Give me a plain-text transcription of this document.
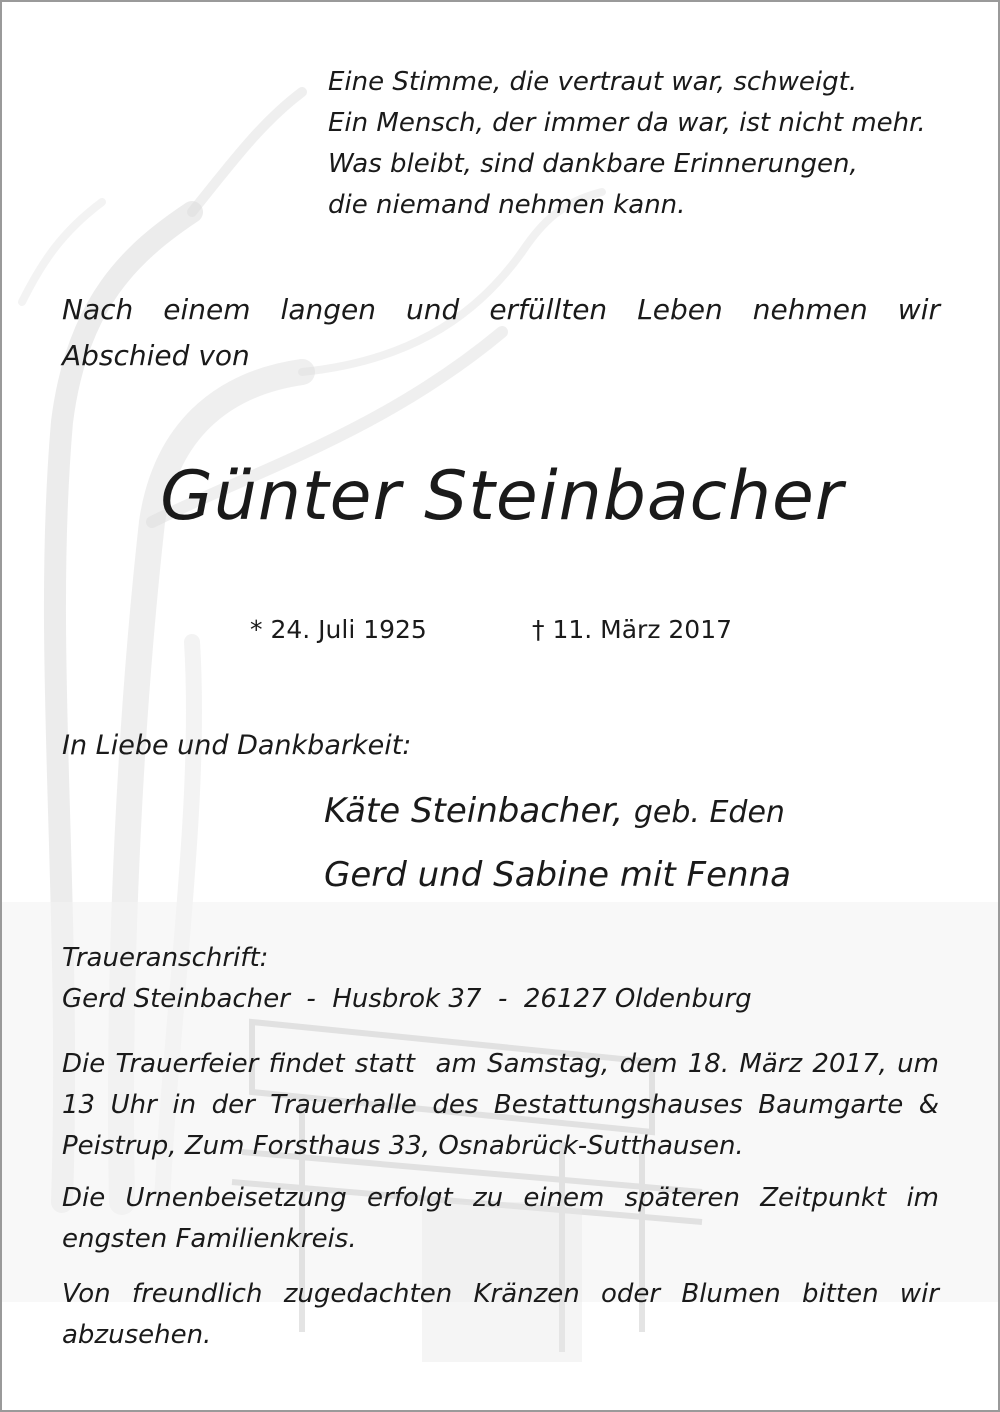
Eine Stimme, die vertraut war, schweigt.
Ein Mensch, der immer da war, ist nicht mehr.
Was bleibt, sind dankbare Erinnerungen,
die niemand nehmen kann.
Nach einem langen und erfüllten Leben nehmen wir
Abschied von
Günter Steinbacher
* 24. Juli 1925	† 11. März 2017
In Liebe und Dankbarkeit:
Käte Steinbacher, geb. Eden
Gerd und Sabine mit Fenna
Traueranschrift:
Gerd Steinbacher  -  Husbrok 37  -  26127 Oldenburg
Die Trauerfeier findet statt  am Samstag, dem 18. März 2017, um 13 Uhr in der Trauerhalle des Bestattungshauses Baumgarte & Peistrup, Zum Forsthaus 33, Osnabrück-Sutthausen.
Die Urnenbeisetzung erfolgt zu einem späteren Zeitpunkt im engsten Familienkreis.
Von freundlich zugedachten Kränzen oder Blumen bitten wir abzusehen.
